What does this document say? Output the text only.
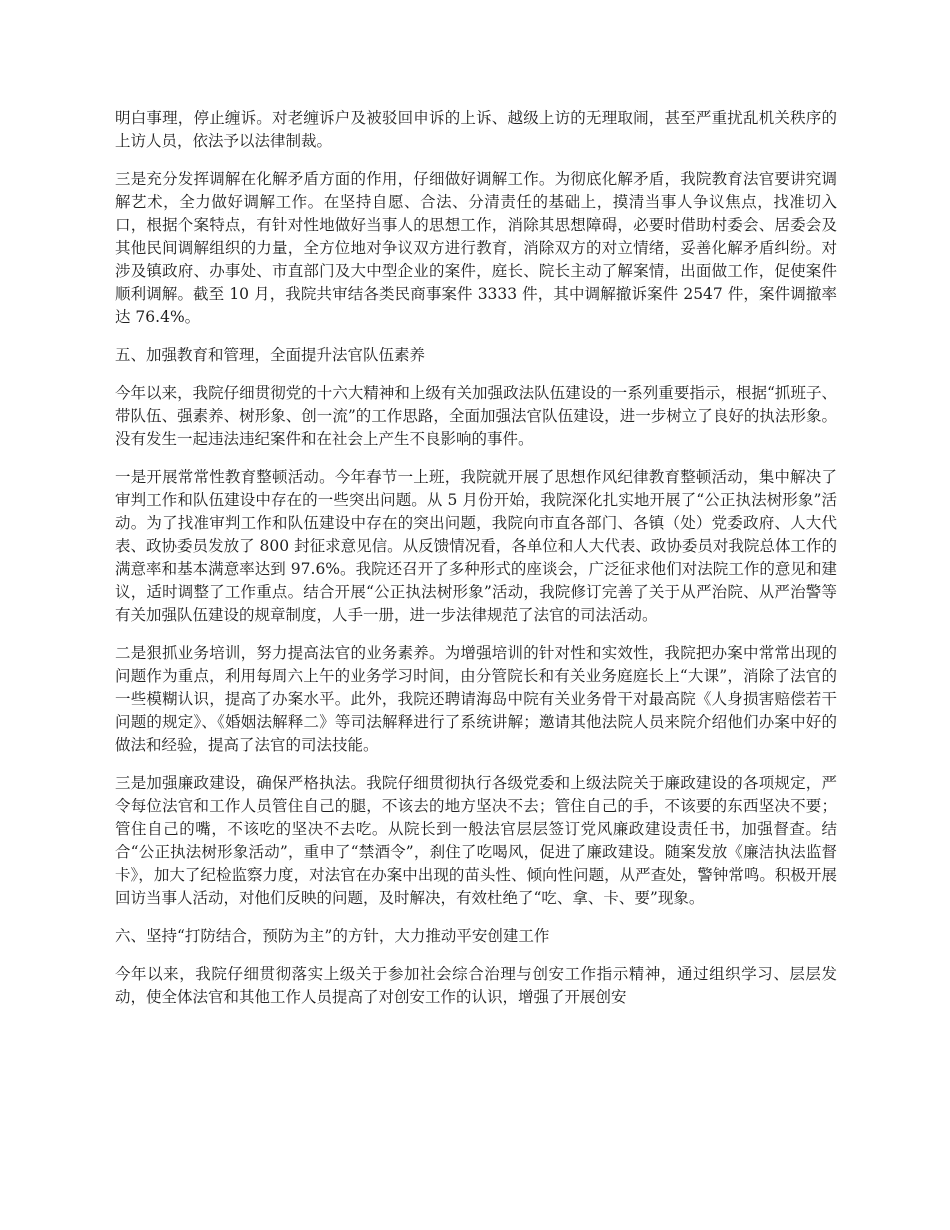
明白事理，停止缠诉。对老缠诉户及被驳回申诉的上诉、越级上访的无理取闹，甚至严重扰乱机关秩序的上访人员，依法予以法律制裁。

三是充分发挥调解在化解矛盾方面的作用，仔细做好调解工作。为彻底化解矛盾，我院教育法官要讲究调解艺术，全力做好调解工作。在坚持自愿、合法、分清责任的基础上，摸清当事人争议焦点，找准切入口，根据个案特点，有针对性地做好当事人的思想工作，消除其思想障碍，必要时借助村委会、居委会及其他民间调解组织的力量，全方位地对争议双方进行教育，消除双方的对立情绪，妥善化解矛盾纠纷。对涉及镇政府、办事处、市直部门及大中型企业的案件，庭长、院长主动了解案情，出面做工作，促使案件顺利调解。截至 10 月，我院共审结各类民商事案件 3333 件，其中调解撤诉案件 2547 件，案件调撤率达 76.4%。

五、加强教育和管理，全面提升法官队伍素养

今年以来，我院仔细贯彻党的十六大精神和上级有关加强政法队伍建设的一系列重要指示，根据“抓班子、带队伍、强素养、树形象、创一流”的工作思路，全面加强法官队伍建设，进一步树立了良好的执法形象。没有发生一起违法违纪案件和在社会上产生不良影响的事件。

一是开展常常性教育整顿活动。今年春节一上班，我院就开展了思想作风纪律教育整顿活动，集中解决了审判工作和队伍建设中存在的一些突出问题。从 5 月份开始，我院深化扎实地开展了“公正执法树形象”活动。为了找准审判工作和队伍建设中存在的突出问题，我院向市直各部门、各镇（处）党委政府、人大代表、政协委员发放了 800 封征求意见信。从反馈情况看，各单位和人大代表、政协委员对我院总体工作的满意率和基本满意率达到 97.6%。我院还召开了多种形式的座谈会，广泛征求他们对法院工作的意见和建议，适时调整了工作重点。结合开展“公正执法树形象”活动，我院修订完善了关于从严治院、从严治警等有关加强队伍建设的规章制度，人手一册，进一步法律规范了法官的司法活动。

二是狠抓业务培训，努力提高法官的业务素养。为增强培训的针对性和实效性，我院把办案中常常出现的问题作为重点，利用每周六上午的业务学习时间，由分管院长和有关业务庭庭长上“大课”，消除了法官的一些模糊认识，提高了办案水平。此外，我院还聘请海岛中院有关业务骨干对最高院《人身损害赔偿若干问题的规定》、《婚姻法解释二》等司法解释进行了系统讲解；邀请其他法院人员来院介绍他们办案中好的做法和经验，提高了法官的司法技能。

三是加强廉政建设，确保严格执法。我院仔细贯彻执行各级党委和上级法院关于廉政建设的各项规定，严令每位法官和工作人员管住自己的腿，不该去的地方坚决不去；管住自己的手，不该要的东西坚决不要；管住自己的嘴，不该吃的坚决不去吃。从院长到一般法官层层签订党风廉政建设责任书，加强督查。结合“公正执法树形象活动”，重申了“禁酒令”，刹住了吃喝风，促进了廉政建设。随案发放《廉洁执法监督卡》，加大了纪检监察力度，对法官在办案中出现的苗头性、倾向性问题，从严查处，警钟常鸣。积极开展回访当事人活动，对他们反映的问题，及时解决，有效杜绝了“吃、拿、卡、要”现象。

六、坚持“打防结合，预防为主”的方针，大力推动平安创建工作

今年以来，我院仔细贯彻落实上级关于参加社会综合治理与创安工作指示精神，通过组织学习、层层发动，使全体法官和其他工作人员提高了对创安工作的认识，增强了开展创安
